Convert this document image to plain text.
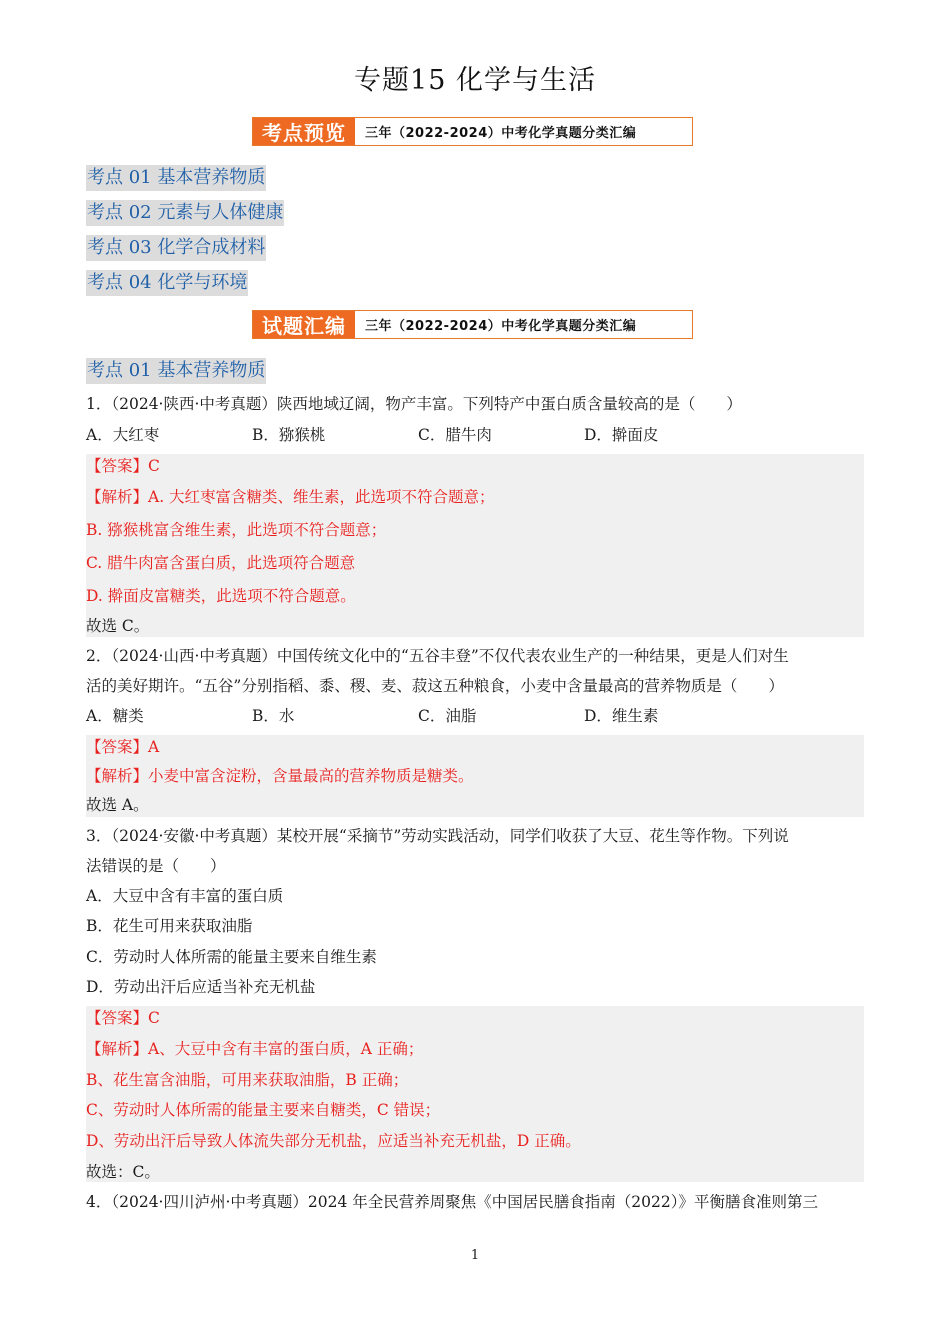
专题15 化学与生活
考点预览	三年（2022-2024）中考化学真题分类汇编
考点 01 基本营养物质
考点 02 元素与人体健康
考点 03 化学合成材料
考点 04 化学与环境
试题汇编	三年（2022-2024）中考化学真题分类汇编
考点 01 基本营养物质
1．（2024·陕西·中考真题）陕西地域辽阔，物产丰富。下列特产中蛋白质含量较高的是（　　）
A．大红枣	B．猕猴桃	C．腊牛肉	D．擀面皮
【答案】C
【解析】A. 大红枣富含糖类、维生素，此选项不符合题意；
B. 猕猴桃富含维生素，此选项不符合题意；
C. 腊牛肉富含蛋白质，此选项符合题意
D. 擀面皮富糖类，此选项不符合题意。
故选 C。
2．（2024·山西·中考真题）中国传统文化中的“五谷丰登”不仅代表农业生产的一种结果，更是人们对生
活的美好期许。“五谷”分别指稻、黍、稷、麦、菽这五种粮食，小麦中含量最高的营养物质是（　　）
A．糖类	B．水	C．油脂	D．维生素
【答案】A
【解析】小麦中富含淀粉，含量最高的营养物质是糖类。
故选 A。
3．（2024·安徽·中考真题）某校开展“采摘节”劳动实践活动，同学们收获了大豆、花生等作物。下列说
法错误的是（　　）
A．大豆中含有丰富的蛋白质
B．花生可用来获取油脂
C．劳动时人体所需的能量主要来自维生素
D．劳动出汗后应适当补充无机盐
【答案】C
【解析】A、大豆中含有丰富的蛋白质，A 正确；
B、花生富含油脂，可用来获取油脂，B 正确；
C、劳动时人体所需的能量主要来自糖类，C 错误；
D、劳动出汗后导致人体流失部分无机盐，应适当补充无机盐，D 正确。
故选：C。
4．（2024·四川泸州·中考真题）2024 年全民营养周聚焦《中国居民膳食指南（2022）》平衡膳食准则第三
1
